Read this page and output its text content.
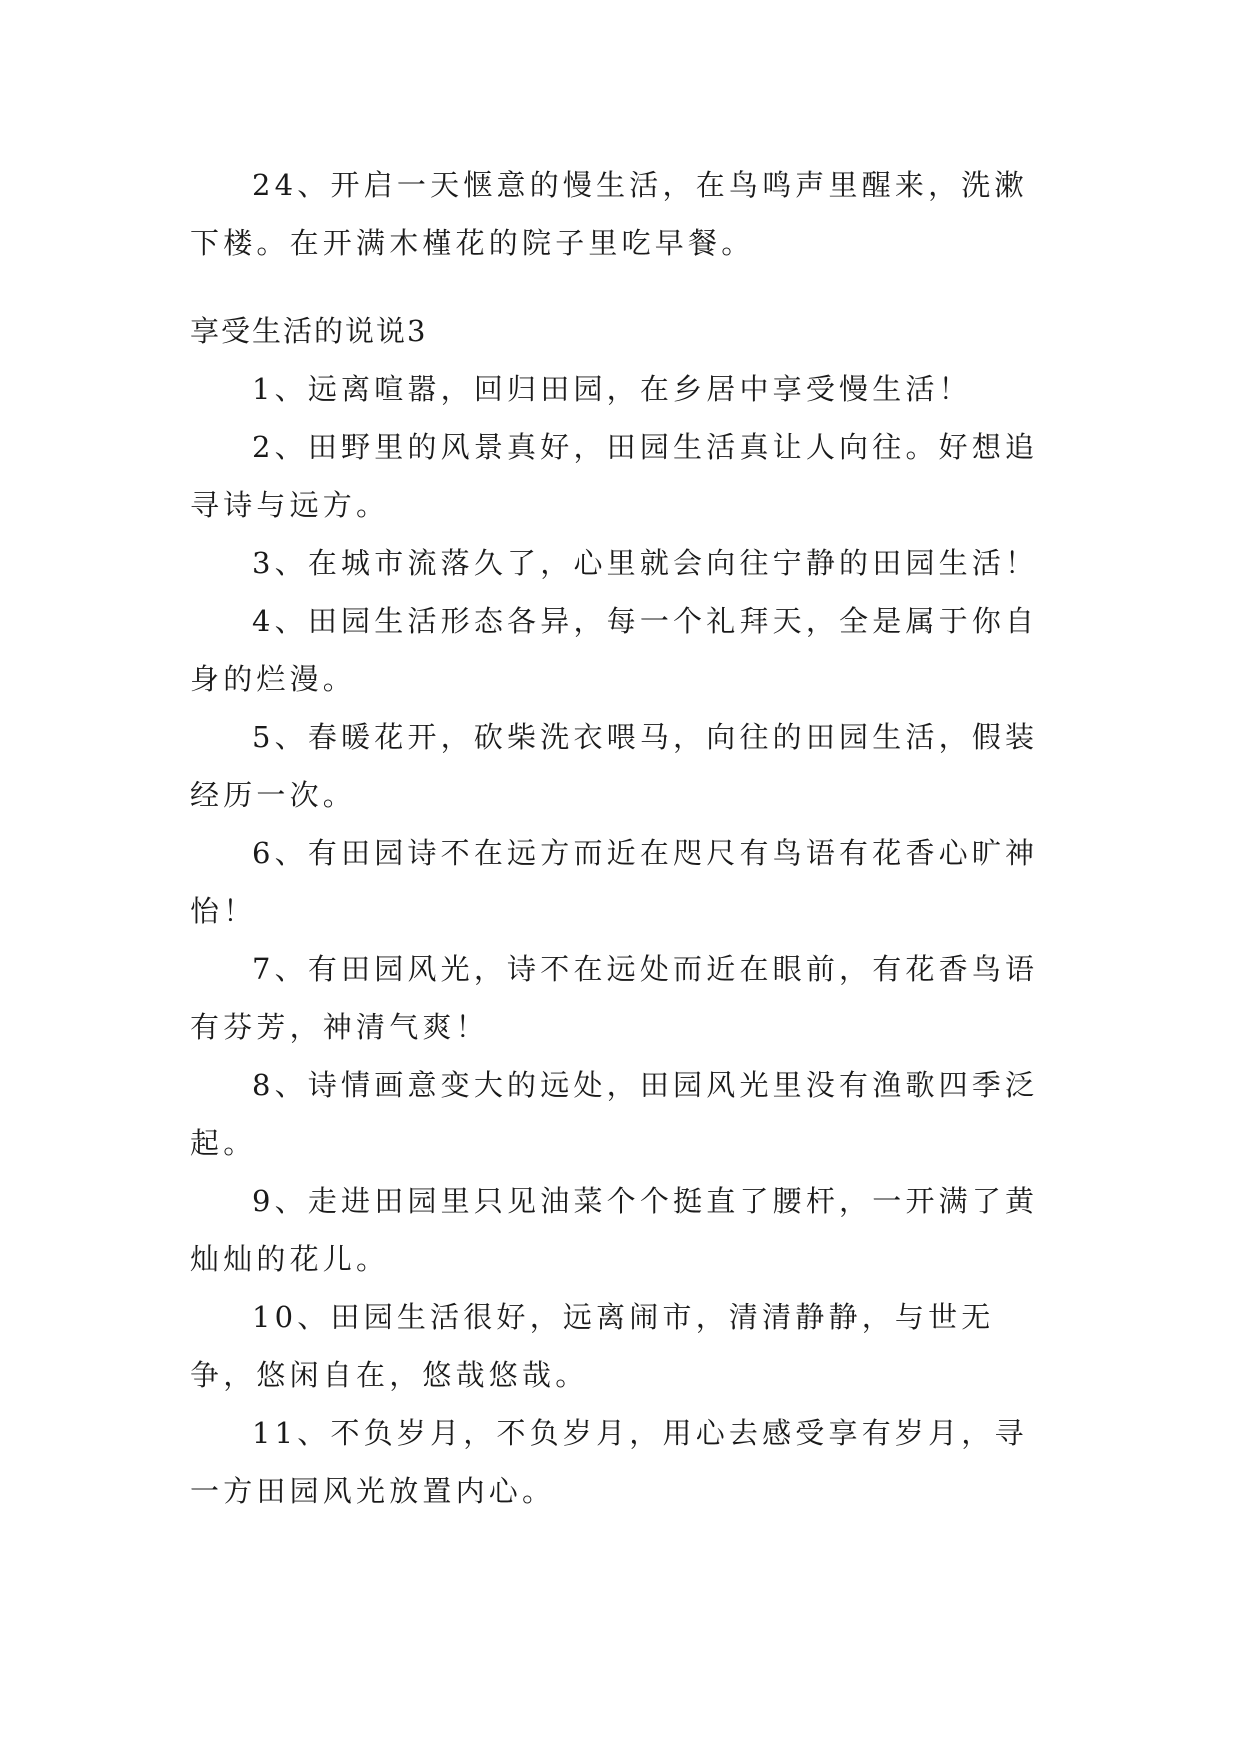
24、开启一天惬意的慢生活，在鸟鸣声里醒来，洗漱下楼。在开满木槿花的院子里吃早餐。

享受生活的说说3

1、远离喧嚣，回归田园，在乡居中享受慢生活！

2、田野里的风景真好，田园生活真让人向往。好想追寻诗与远方。

3、在城市流落久了，心里就会向往宁静的田园生活！

4、田园生活形态各异，每一个礼拜天，全是属于你自身的烂漫。

5、春暖花开，砍柴洗衣喂马，向往的田园生活，假装经历一次。

6、有田园诗不在远方而近在咫尺有鸟语有花香心旷神怡！

7、有田园风光，诗不在远处而近在眼前，有花香鸟语有芬芳，神清气爽！

8、诗情画意变大的远处，田园风光里没有渔歌四季泛起。

9、走进田园里只见油菜个个挺直了腰杆，一开满了黄灿灿的花儿。

10、田园生活很好，远离闹市，清清静静，与世无争，悠闲自在，悠哉悠哉。

11、不负岁月，不负岁月，用心去感受享有岁月，寻一方田园风光放置内心。
